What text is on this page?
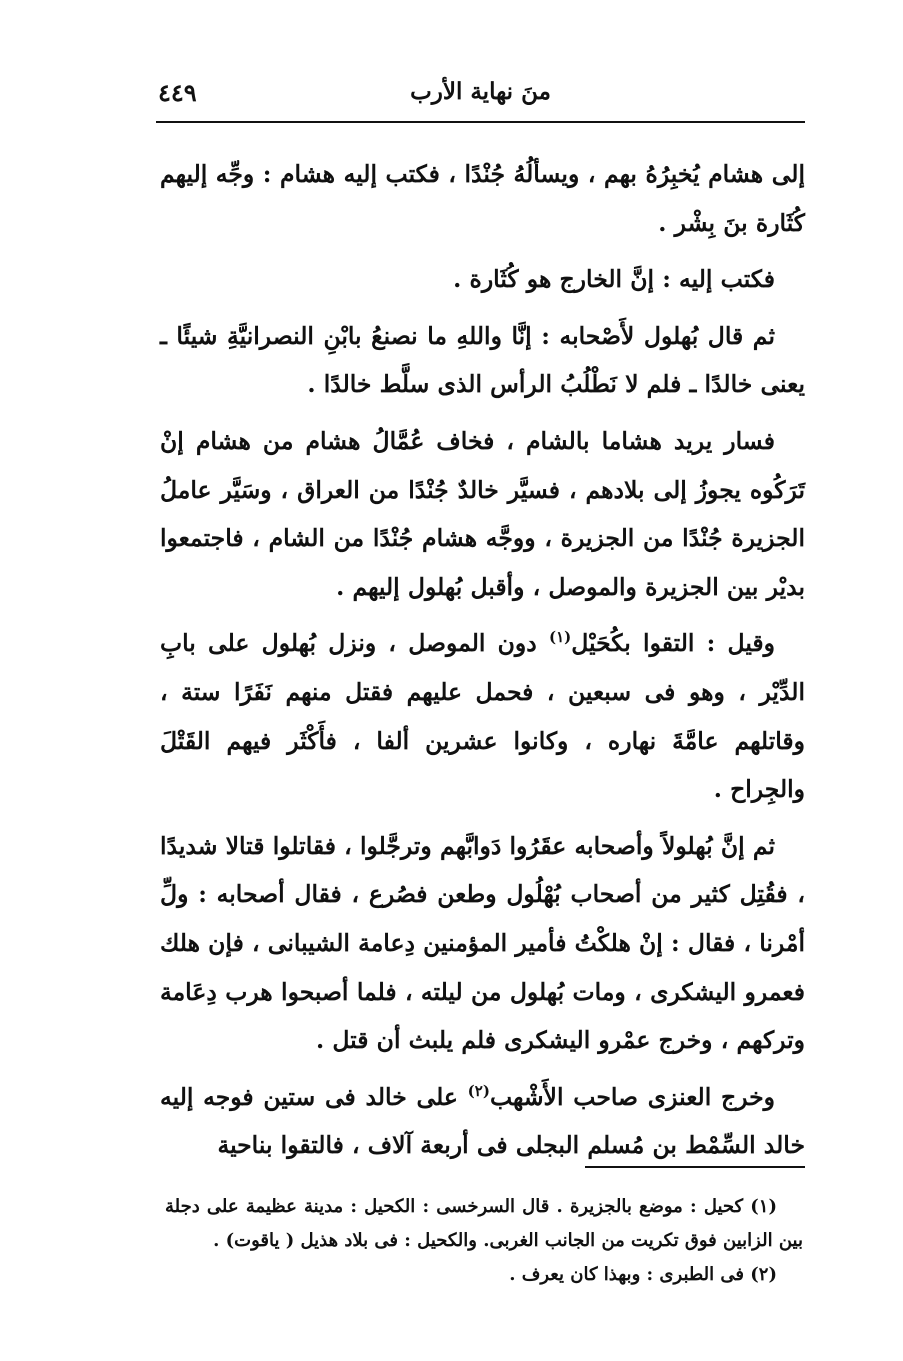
منَ نهاية الأرب
٤٤٩

إلى هشام يُخبِرُهُ بهم ، ويسألُهُ جُنْدًا ، فكتب إليه هشام : وجِّه إليهم كُثَارة بنَ بِشْر .

فكتب إليه : إنَّ الخارج هو كُثَارة .

ثم قال بُهلول لأَصْحابه : إنَّا واللهِ ما نصنعُ بابْنِ النصرانيَّةِ شيئًا ـ يعنى خالدًا ـ فلم لا نَطْلُبُ الرأس الذى سلَّط خالدًا .

فسار يريد هشاما بالشام ، فخاف عُمَّالُ هشام من هشام إنْ تَرَكُوه يجوزُ إلى بلادهم ، فسيَّر خالدٌ جُنْدًا من العراق ، وسَيَّر عاملُ الجزيرة جُنْدًا من الجزيرة ، ووجَّه هشام جُنْدًا من الشام ، فاجتمعوا بديْر بين الجزيرة والموصل ، وأقبل بُهلول إليهم .

وقيل : التقوا بكُحَيْل$^{(١)}$ دون الموصل ، ونزل بُهلول على بابِ الدِّيْر ، وهو فى سبعين ، فحمل عليهم فقتل منهم نَفَرًا ستة ، وقاتلهم عامَّةَ نهاره ، وكانوا عشرين ألفا ، فأَكْثَر فيهم القَتْلَ والجِراح .

ثم إنَّ بُهلولاً وأصحابه عقَرُوا دَوابَّهم وترجَّلوا ، فقاتلوا قتالا شديدًا ، فقُتِل كثير من أصحاب بُهْلُول وطعن فصُرع ، فقال أصحابه : ولِّ أمْرنا ، فقال : إنْ هلكْتُ فأمير المؤمنين دِعامة الشيبانى ، فإن هلك فعمرو اليشكرى ، ومات بُهلول من ليلته ، فلما أصبحوا هرب دِعَامة وتركهم ، وخرج عمْرو اليشكرى فلم يلبث أن قتل .

وخرج العنزى صاحب الأَشْهب$^{(٢)}$ على خالد فى ستين فوجه إليه خالد السِّمْط بن مُسلم البجلى فى أربعة آلاف ، فالتقوا بناحية

(١) كحيل : موضع بالجزيرة . قال السرخسى : الكحيل : مدينة عظيمة على دجلة بين الزابين فوق تكريت من الجانب الغربى. والكحيل : فى بلاد هذيل ( ياقوت) .

(٢) فى الطبرى : وبهذا كان يعرف .
